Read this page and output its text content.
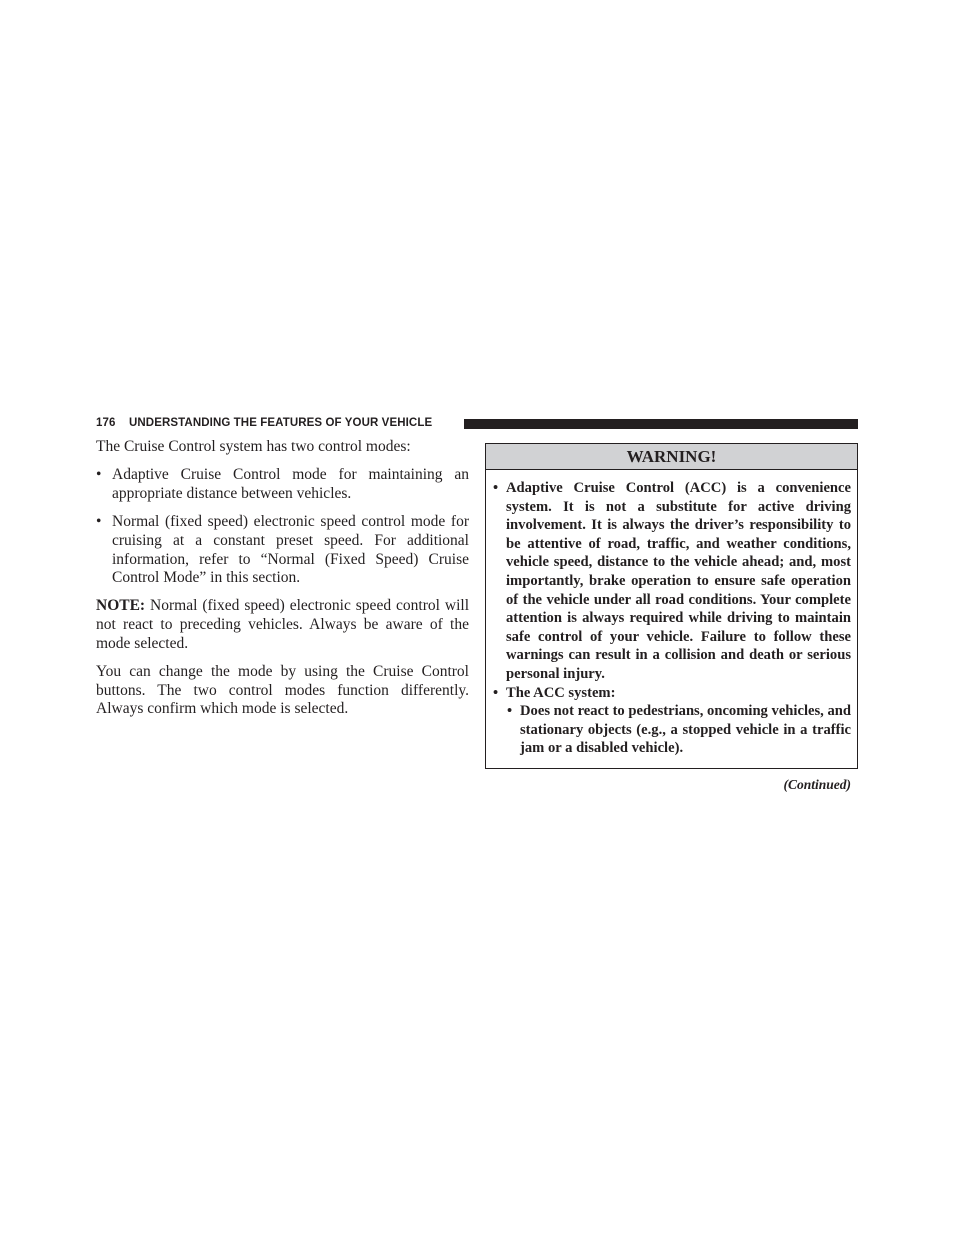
176 UNDERSTANDING THE FEATURES OF YOUR VEHICLE

The Cruise Control system has two control modes:

• Adaptive Cruise Control mode for maintaining an appropriate distance between vehicles.
• Normal (fixed speed) electronic speed control mode for cruising at a constant preset speed. For additional information, refer to “Normal (Fixed Speed) Cruise Control Mode” in this section.

NOTE: Normal (fixed speed) electronic speed control will not react to preceding vehicles. Always be aware of the mode selected.

You can change the mode by using the Cruise Control buttons. The two control modes function differently. Always confirm which mode is selected.

WARNING!
• Adaptive Cruise Control (ACC) is a convenience system. It is not a substitute for active driving involvement. It is always the driver’s responsibility to be attentive of road, traffic, and weather conditions, vehicle speed, distance to the vehicle ahead; and, most importantly, brake operation to ensure safe operation of the vehicle under all road conditions. Your complete attention is always required while driving to maintain safe control of your vehicle. Failure to follow these warnings can result in a collision and death or serious personal injury.
• The ACC system:
• Does not react to pedestrians, oncoming vehicles, and stationary objects (e.g., a stopped vehicle in a traffic jam or a disabled vehicle).
(Continued)
